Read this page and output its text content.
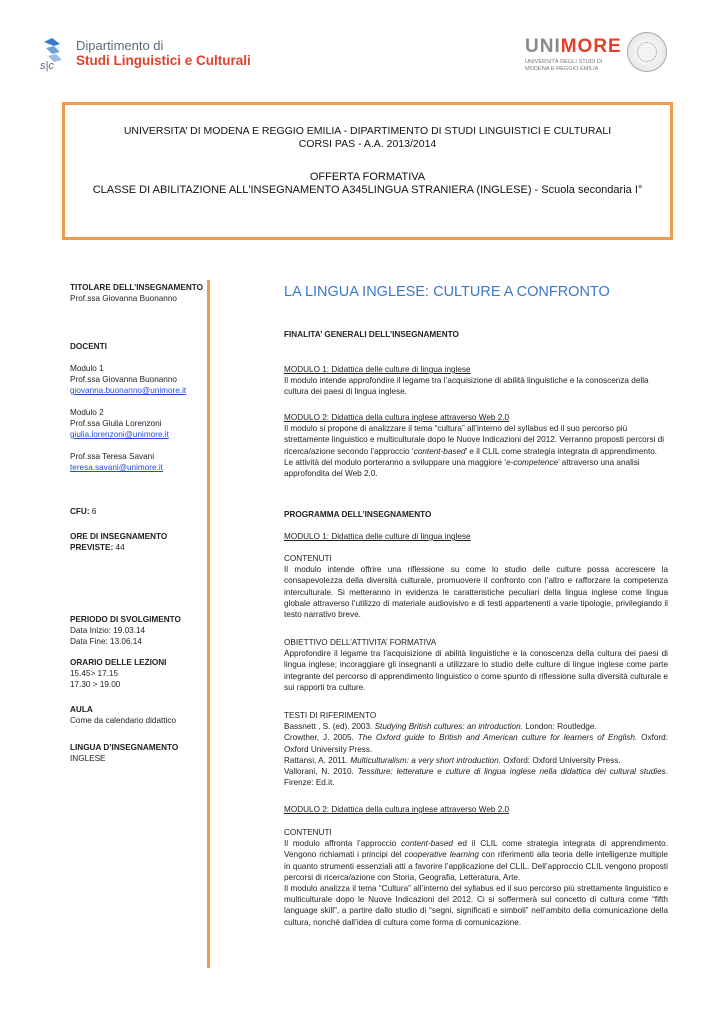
s|c
Dipartimento di
Studi Linguistici e Culturali
UNIMORE
UNIVERSITÀ DEGLI STUDI DI MODENA E REGGIO EMILIA

UNIVERSITA’ DI MODENA E REGGIO EMILIA - DIPARTIMENTO DI STUDI LINGUISTICI E CULTURALI

CORSI PAS - A.A. 2013/2014

OFFERTA FORMATIVA

CLASSE DI ABILITAZIONE ALL'INSEGNAMENTO A345LINGUA STRANIERA (INGLESE) - Scuola secondaria I°

TITOLARE DELL’INSEGNAMENTO
Prof.ssa Giovanna Buonanno
DOCENTI

Modulo 1
Prof.ssa Giovanna Buonanno
giovanna.buonanno@unimore.it

Modulo 2
Prof.ssa Giulia Lorenzoni
giulia.lorenzoni@unimore.it

Prof.ssa Teresa Savani
teresa.savani@unimore.it
CFU: 6
ORE DI INSEGNAMENTO
PREVISTE: 44
PERIODO DI SVOLGIMENTO
Data Inizio: 19.03.14
Data Fine: 13.06.14
ORARIO DELLE LEZIONI
15.45> 17.15
17.30 > 19.00
AULA
Come da calendario didattico
LINGUA D’INSEGNAMENTO
INGLESE
LA LINGUA INGLESE: CULTURE A CONFRONTO
FINALITA’ GENERALI DELL’INSEGNAMENTO
MODULO 1: Didattica delle culture di lingua inglese
Il modulo intende approfondire il legame tra l’acquisizione di abilità linguistiche e la conoscenza della cultura dei paesi di lingua inglese.
MODULO 2: Didattica della cultura inglese attraverso Web 2.0
Il modulo si propone di analizzare il tema “cultura” all’interno del syllabus ed il suo percorso più strettamente linguistico e multiculturale dopo le Nuove Indicazioni del 2012. Verranno proposti percorsi di ricerca/azione secondo l’approccio ‘content-based’ e il CLIL come strategia integrata di apprendimento. Le attività del modulo porteranno a sviluppare una maggiore ‘e-competence’ attraverso una analisi approfondita del Web 2.0.
PROGRAMMA DELL’INSEGNAMENTO
MODULO 1: Didattica delle culture di lingua inglese
CONTENUTI
Il modulo intende offrire una riflessione su come lo studio delle culture possa accrescere la consapevolezza della diversità culturale, promuovere il confronto con l’altro e rafforzare la competenza interculturale. Si metteranno in evidenza le caratteristiche peculiari della lingua inglese come lingua globale attraverso l’utilizzo di materiale audiovisivo e di testi appartenenti a varie tipologie, privilegiando il testo narrativo breve.
OBIETTIVO DELL’ATTIVITA’ FORMATIVA
Approfondire il legame tra l’acquisizione di abilità linguistiche e la conoscenza della cultura dei paesi di lingua inglese; incoraggiare gli insegnanti a utilizzare lo studio delle culture di lingue inglese come parte integrante del percorso di apprendimento linguistico o come spunto di riflessione sulla diversità culturale e sui rapporti tra culture.
TESTI DI RIFERIMENTO
Bassnett , S. (ed). 2003. Studying British cultures: an introduction. London: Routledge.

Crowther, J. 2005. The Oxford guide to British and American culture for learners of English. Oxford: Oxford University Press.
Rattansi, A. 2011. Multiculturalism: a very short introduction. Oxford: Oxford University Press.

Vallorani, N. 2010. Tessiture: letterature e culture di lingua inglese nella didattica dei cultural studies. Firenze: Ed.it.
MODULO 2: Didattica della cultura inglese attraverso Web 2.0
CONTENUTI
Il modulo affronta l’approccio content-based ed il CLIL come strategia integrata di apprendimento. Vengono richiamati i principi del cooperative learning con riferimenti alla teoria delle intelligenze multiple in quanto strumenti essenziali atti a favorire l’applicazione del CLIL. Dell’approccio CLIL vengono proposti percorsi di ricerca/azione con Storia, Geografia, Letteratura, Arte.
Il modulo analizza il tema “Cultura” all’interno del syllabus ed il suo percorso più strettamente linguistico e multiculturale dopo le Nuove Indicazioni del 2012. Ci si soffermerà sul concetto di cultura come “fifth language skill”, a partire dallo studio di “segni, significati e simboli” nell’ambito della comunicazione della cultura, nonché dall’idea di cultura come forma di comunicazione.
